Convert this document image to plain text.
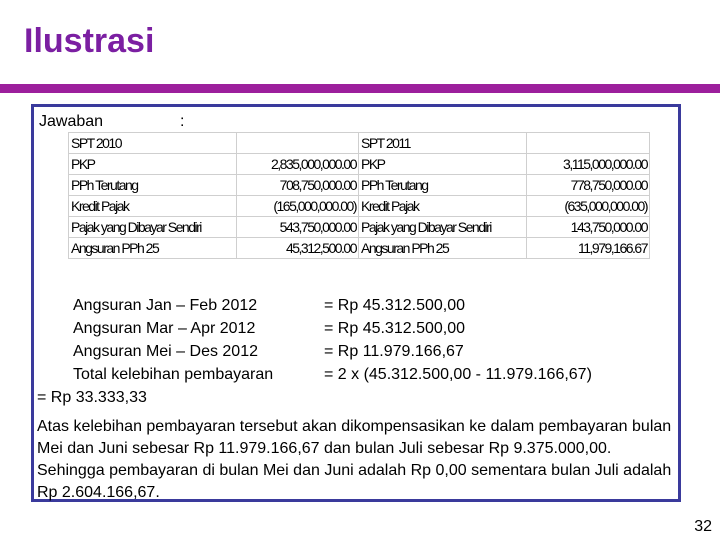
Ilustrasi
Jawaban	:
SPT 2010		SPT 2011	
PKP	2,835,000,000.00	PKP	3,115,000,000.00
PPh Terutang	708,750,000.00	PPh Terutang	778,750,000.00
Kredit Pajak	(165,000,000.00)	Kredit Pajak	(635,000,000.00)
Pajak yang Dibayar Sendiri	543,750,000.00	Pajak yang Dibayar Sendiri	143,750,000.00
Angsuran PPh 25	45,312,500.00	Angsuran PPh 25	11,979,166.67
Angsuran Jan – Feb 2012	= Rp 45.312.500,00
Angsuran Mar – Apr 2012	= Rp 45.312.500,00
Angsuran Mei – Des 2012	= Rp 11.979.166,67
Total kelebihan pembayaran	= 2 x (45.312.500,00 - 11.979.166,67)
= Rp 33.333,33
Atas kelebihan pembayaran tersebut akan dikompensasikan ke dalam pembayaran bulan Mei dan Juni sebesar Rp 11.979.166,67 dan bulan Juli sebesar Rp 9.375.000,00. Sehingga pembayaran di bulan Mei dan Juni adalah Rp 0,00 sementara bulan Juli adalah Rp 2.604.166,67.
32
